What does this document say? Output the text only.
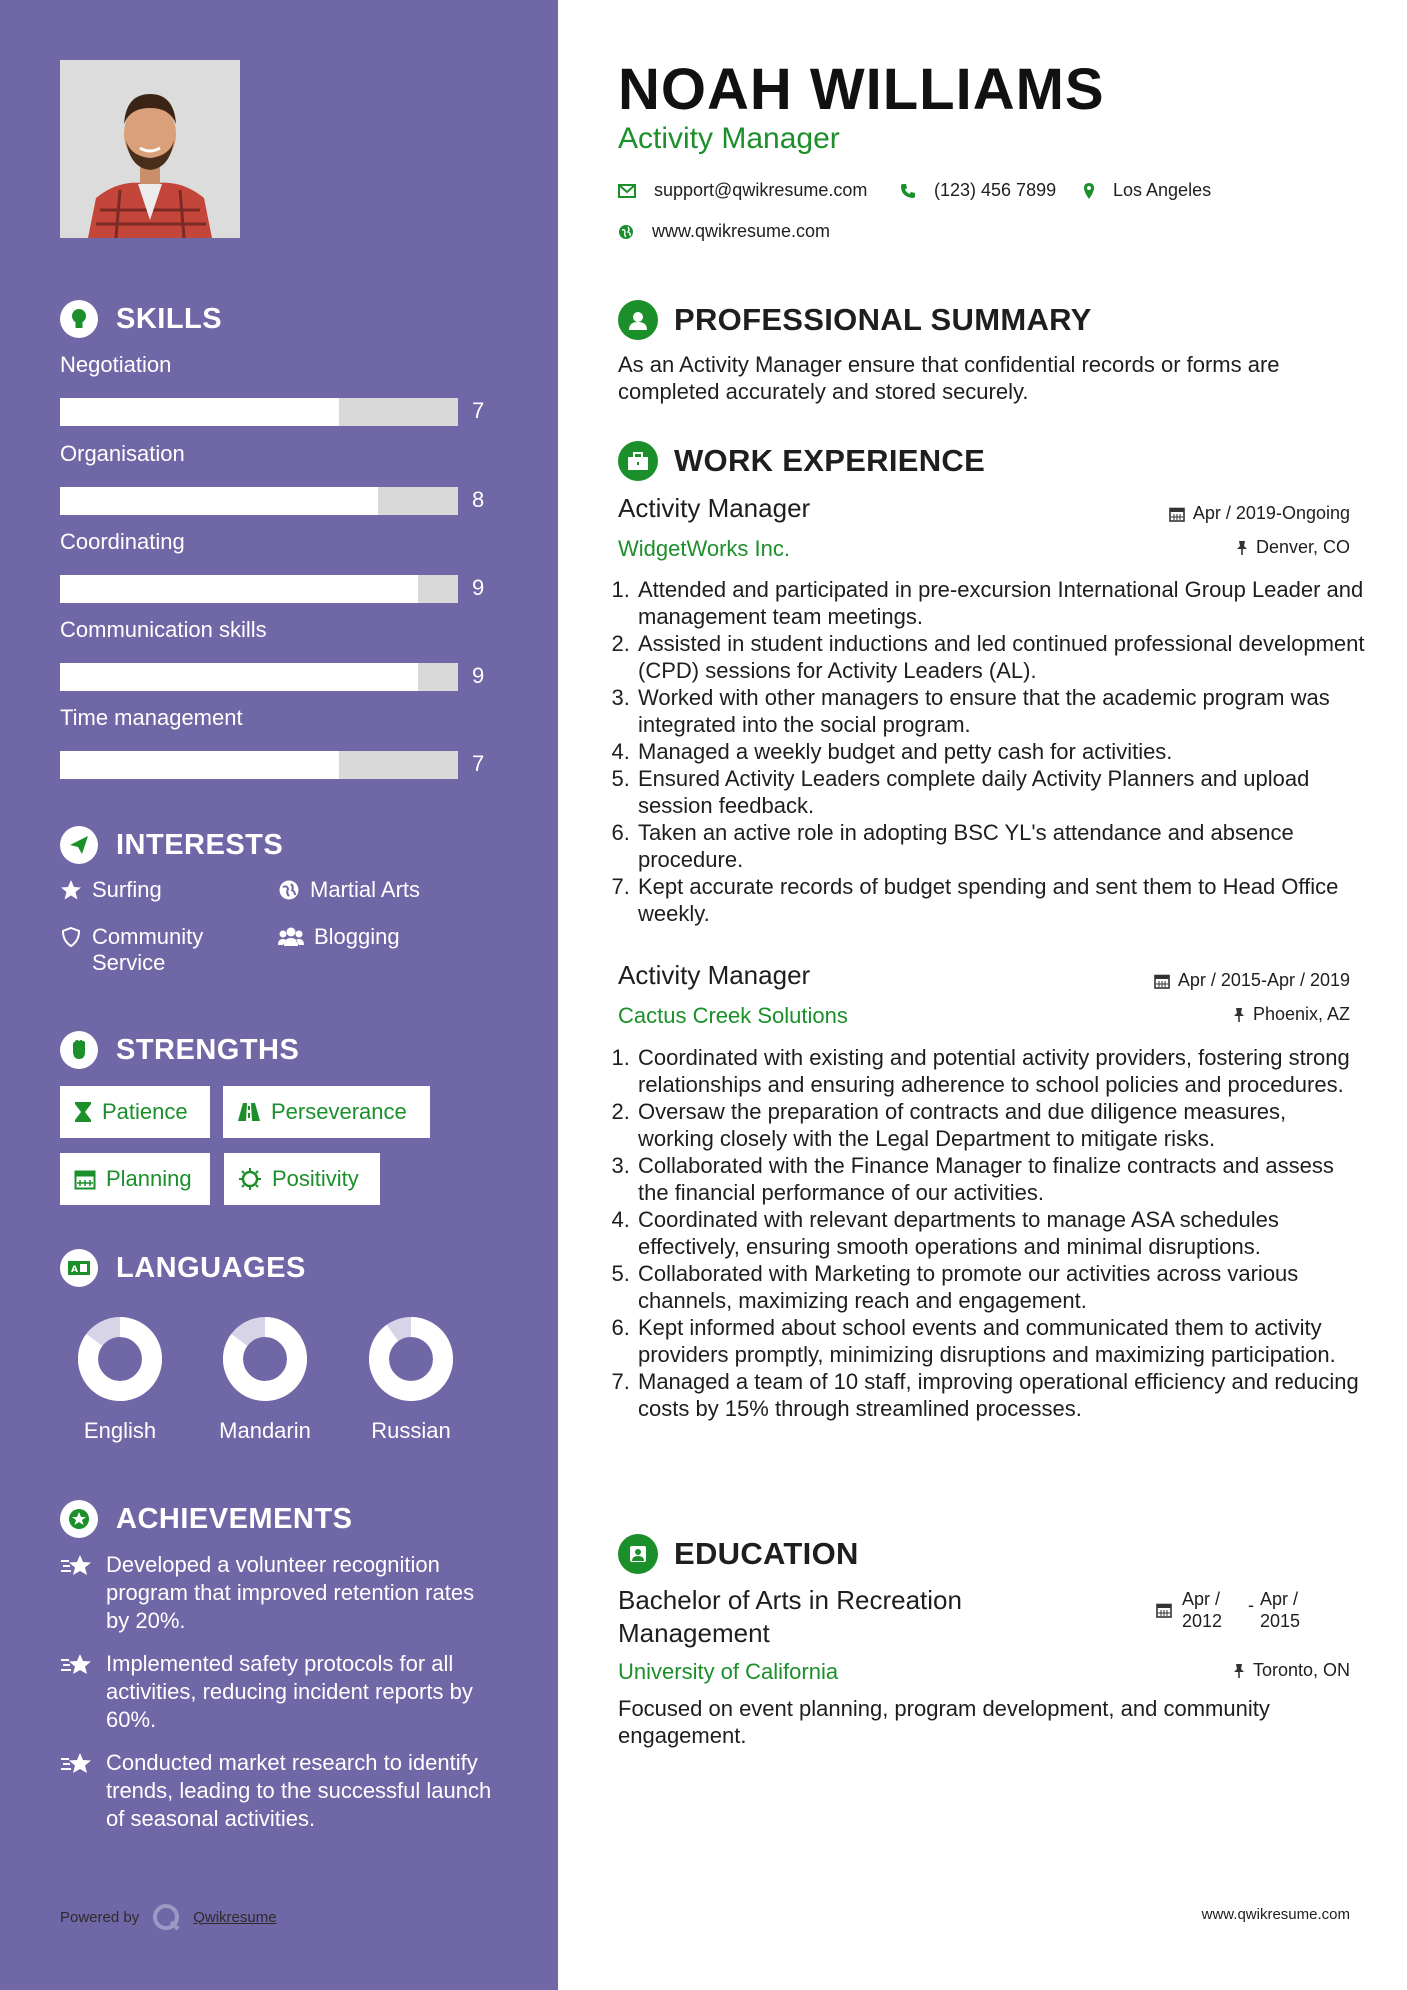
SKILLS
Negotiation
7
Organisation
8
Coordinating
9
Communication skills
9
Time management
7
INTERESTS
Surfing	Martial Arts
Community Service
Blogging
STRENGTHS
Patience	Perseverance
Planning	Positivity
A LANGUAGES
English	Mandarin	Russian
ACHIEVEMENTS
Developed a volunteer recognition program that improved retention rates by 20%.
Implemented safety protocols for all activities, reducing incident reports by 60%.
Conducted market research to identify trends, leading to the successful launch of seasonal activities.
Powered by	Qwikresume
NOAH WILLIAMS
Activity Manager
support@qwikresume.com	(123) 456 7899	Los Angeles
www.qwikresume.com
PROFESSIONAL SUMMARY
As an Activity Manager ensure that confidential records or forms are completed accurately and stored securely.
WORK EXPERIENCE
Activity Manager	Apr / 2019-Ongoing
WidgetWorks Inc.	Denver, CO
1. Attended and participated in pre-excursion International Group Leader and management team meetings.
2. Assisted in student inductions and led continued professional development (CPD) sessions for Activity Leaders (AL).
3. Worked with other managers to ensure that the academic program was integrated into the social program.
4. Managed a weekly budget and petty cash for activities.
5. Ensured Activity Leaders complete daily Activity Planners and upload session feedback.
6. Taken an active role in adopting BSC YL's attendance and absence procedure.
7. Kept accurate records of budget spending and sent them to Head Office weekly.
Activity Manager	Apr / 2015-Apr / 2019
Cactus Creek Solutions	Phoenix, AZ
1. Coordinated with existing and potential activity providers, fostering strong relationships and ensuring adherence to school policies and procedures.
2. Oversaw the preparation of contracts and due diligence measures, working closely with the Legal Department to mitigate risks.
3. Collaborated with the Finance Manager to finalize contracts and assess the financial performance of our activities.
4. Coordinated with relevant departments to manage ASA schedules effectively, ensuring smooth operations and minimal disruptions.
5. Collaborated with Marketing to promote our activities across various channels, maximizing reach and engagement.
6. Kept informed about school events and communicated them to activity providers promptly, minimizing disruptions and maximizing participation.
7. Managed a team of 10 staff, improving operational efficiency and reducing costs by 15% through streamlined processes.
EDUCATION
Bachelor of Arts in Recreation Management
Apr / 2012
- Apr / 2015
University of California	Toronto, ON
Focused on event planning, program development, and community engagement.
www.qwikresume.com
